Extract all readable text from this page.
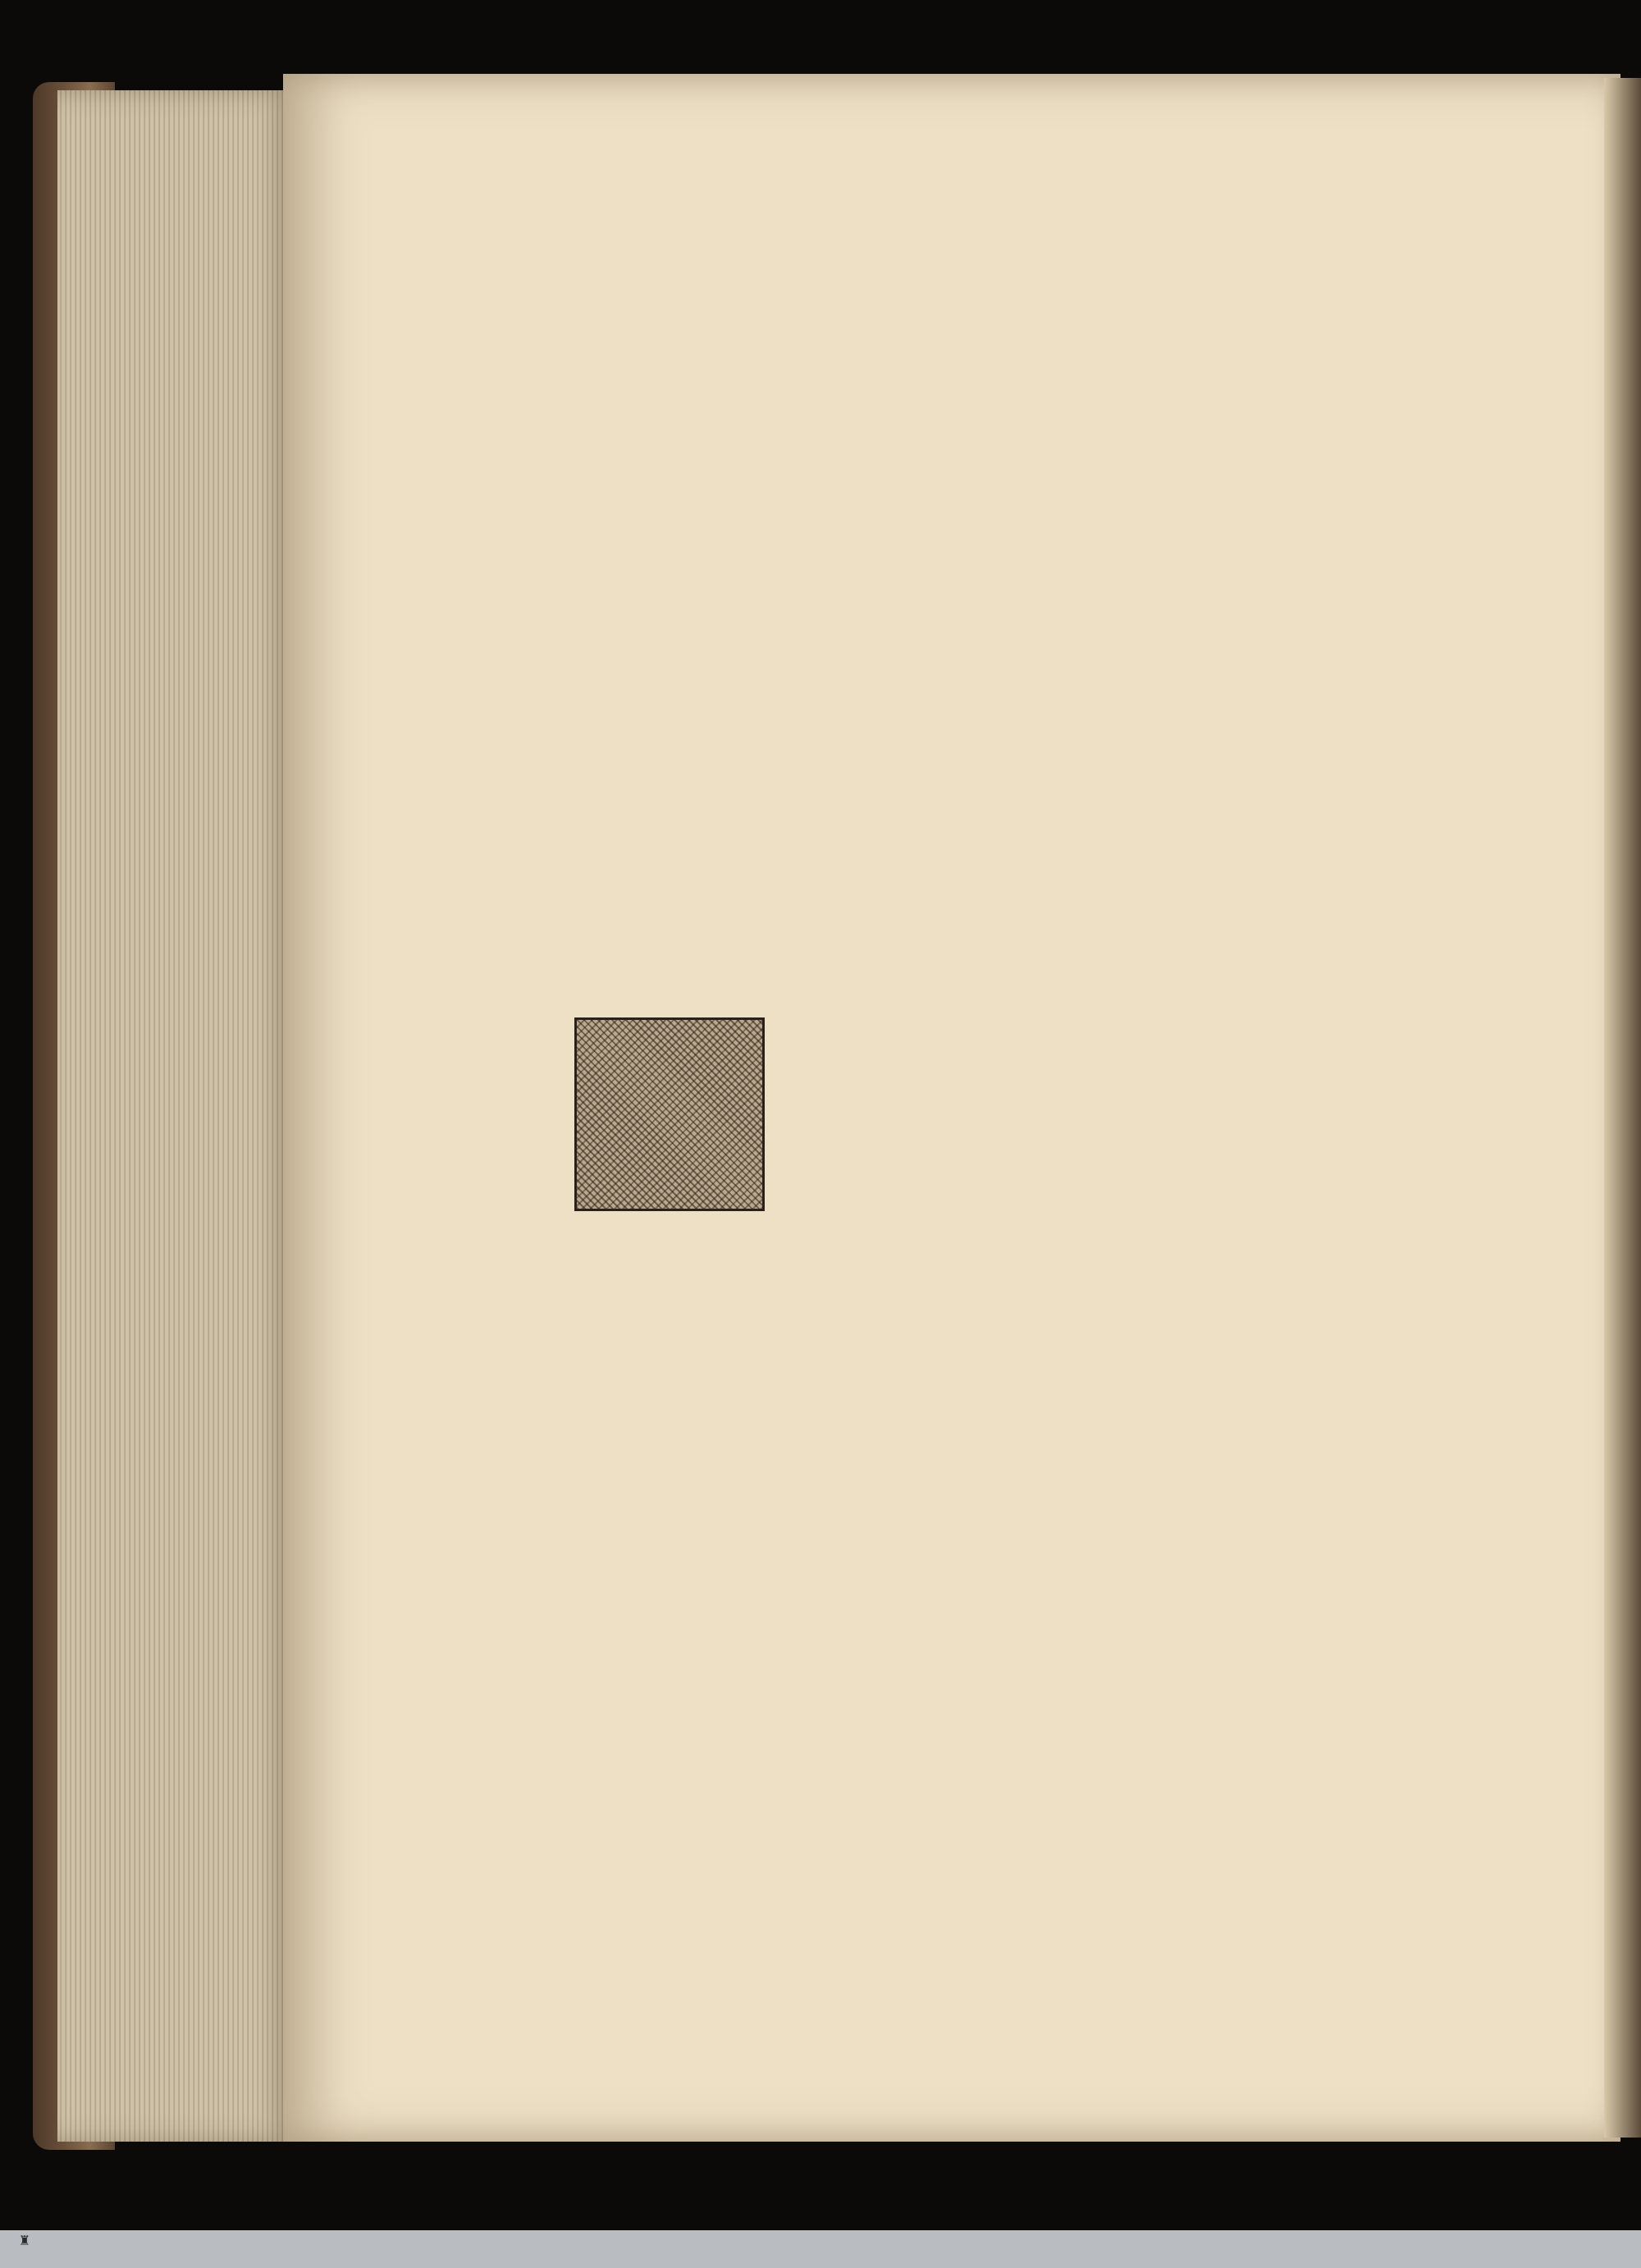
♜
